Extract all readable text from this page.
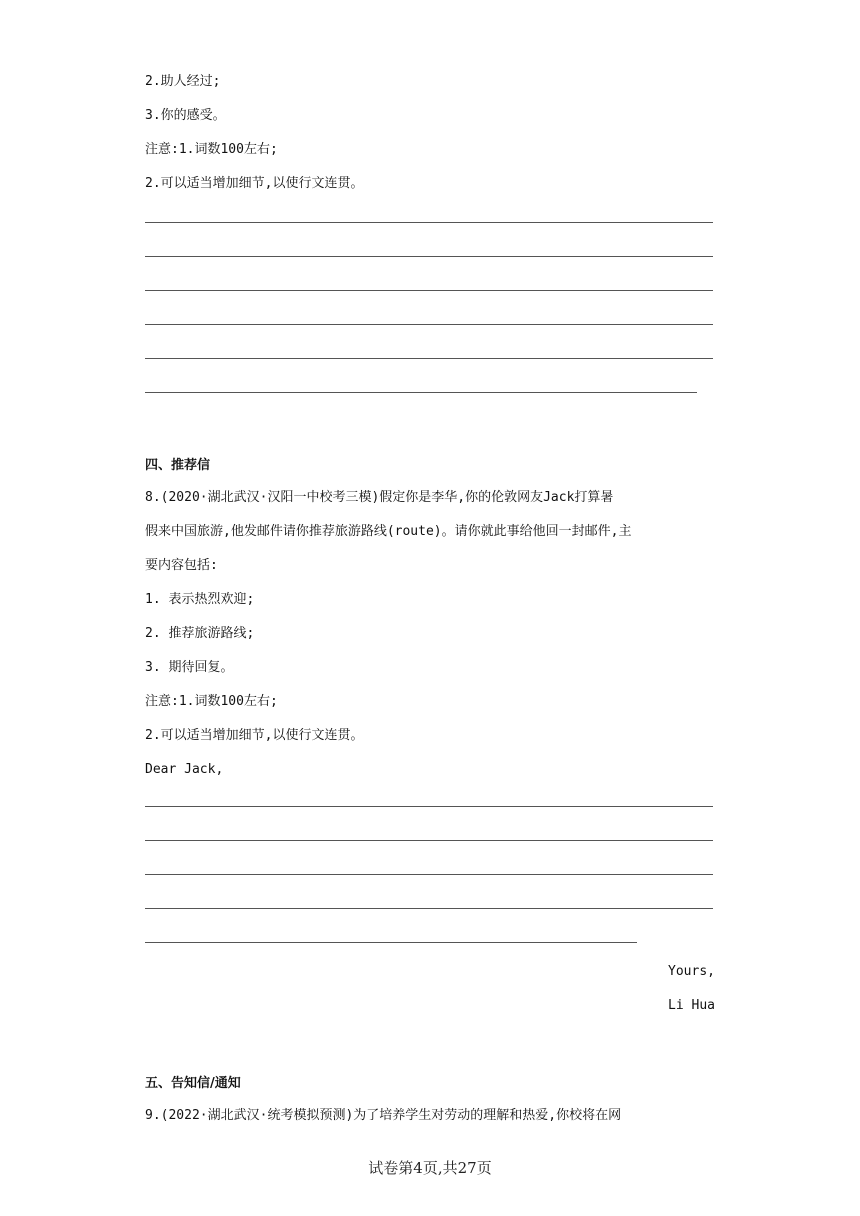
2.助人经过;
3.你的感受。
注意:1.词数100左右;
2.可以适当增加细节,以使行文连贯。
四、推荐信
8.(2020·湖北武汉·汉阳一中校考三模)假定你是李华,你的伦敦网友Jack打算暑
假来中国旅游,他发邮件请你推荐旅游路线(route)。请你就此事给他回一封邮件,主
要内容包括:
1. 表示热烈欢迎;
2. 推荐旅游路线;
3. 期待回复。
注意:1.词数100左右;
2.可以适当增加细节,以使行文连贯。
Dear Jack,
Yours,
Li Hua
五、告知信/通知
9.(2022·湖北武汉·统考模拟预测)为了培养学生对劳动的理解和热爱,你校将在网
试卷第4页,共27页
